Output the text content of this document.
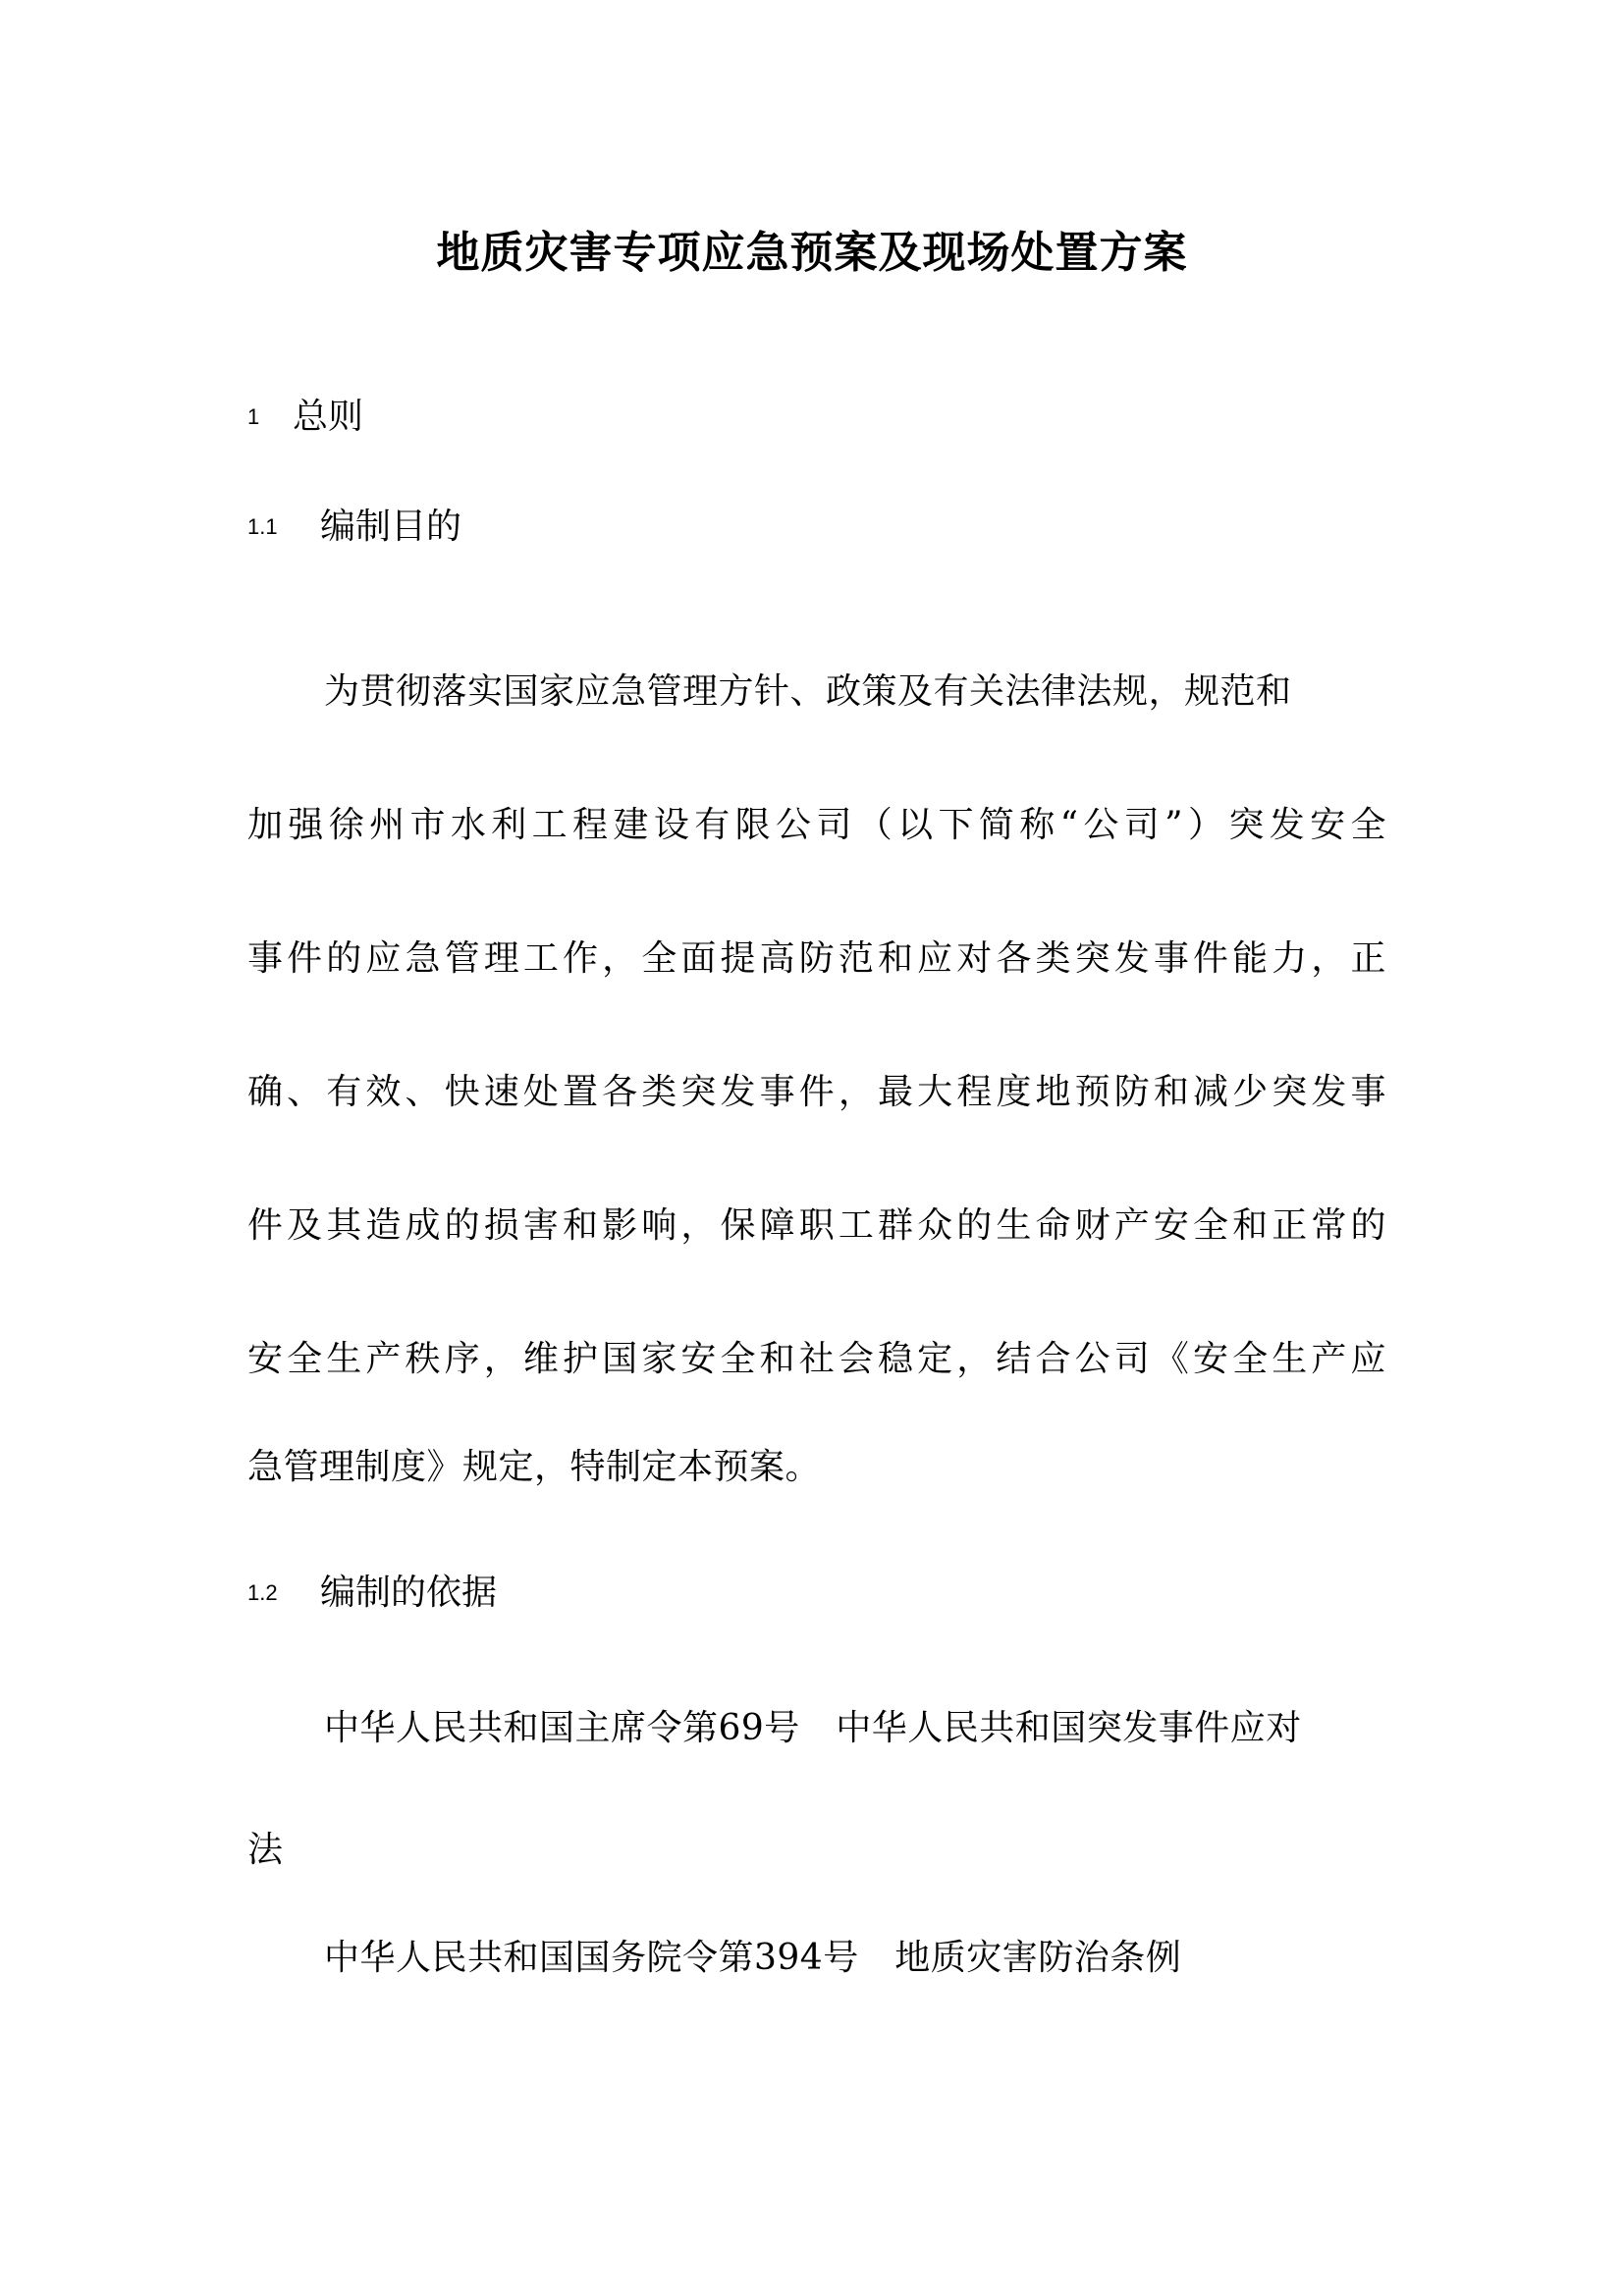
地质灾害专项应急预案及现场处置方案
1 总则
1.1 编制目的
为贯彻落实国家应急管理方针、政策及有关法律法规，规范和
加强徐州市水利工程建设有限公司（以下简称“公司”）突发安全
事件的应急管理工作，全面提高防范和应对各类突发事件能力，正
确、有效、快速处置各类突发事件，最大程度地预防和减少突发事
件及其造成的损害和影响，保障职工群众的生命财产安全和正常的
安全生产秩序，维护国家安全和社会稳定，结合公司《安全生产应
急管理制度》规定，特制定本预案。
1.2 编制的依据
中华人民共和国主席令第69号　中华人民共和国突发事件应对
法
中华人民共和国国务院令第394号　地质灾害防治条例
